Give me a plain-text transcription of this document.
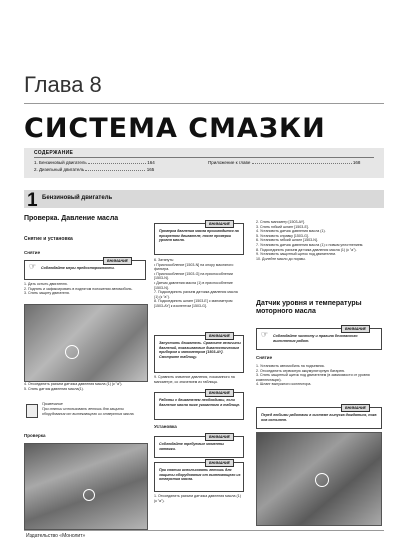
Глава 8
СИСТЕМА СМАЗКИ
СОДЕРЖАНИЕ
1. Бензиновый двигатель	164
2. Дизельный двигатель	165
Приложение к главе	168
1 Бензиновый двигатель
Проверка. Давление масла
Снятие и установка
Снятие
ВНИМАНИЕ
☞ Соблюдайте меры предосторожности.
1. Дать остыть двигателю.
2. Поднять и зафиксировать в поднятом положении автомобиль.
3. Снять защиту двигателя.
4. Отсоединить разъем датчика давления масла (1) (к "а").
5. Снять датчик давления масла(1).
Примечание
При снятии использовать ветошь для защиты оборудования от вытекающего из отверстия масла.
Проверка
ВНИМАНИЕ
Проверка давления масла производится на прогретом двигателе, после проверки уровня масла.
6. Затянуть:
• Приспособление [1503-N] на опору масляного фильтра.
• Приспособление [1503-G] на приспособлении [1503-N].
• Датчик давления масла (1) в приспособление [1503-N].
7. Подсоединить разъем датчика давления масла (1) (к "а").
8. Подсоединить шланг [1503-E] с манометром [1503-AY] к изолентом [1503-G].
ВНИМАНИЕ
Запустить двигатель. Сравните величины давлений, показываемые диагностическим прибором и манометром [1503-AY]. Смотрите таблицу.
9. Сравнить значение давления, показанного на манометре, со значением из таблицы.
ВНИМАНИЕ
Работы с двигателем необходимы, если давление масла ниже указанного в таблице.
Установка
ВНИМАНИЕ
Соблюдайте требуемые моменты затяжки.
ВНИМАНИЕ
При снятии использовать ветошь для защиты оборудования от вытекающего из отверстия масла.
1. Отсоединить разъем датчика давления масла (1) (к "а").
2. Снять манометр [1503-AY].
3. Снять гибкий шланг [1503-E].
4. Установить датчик давления масла (1).
5. Установить справку [1503-G].
6. Установить гибкий шланг [1503-N].
7. Установить датчик давления масла (1) с новым уплотнением.
8. Подсоединить разъем датчика давления масла (1) (к "а").
9. Установить защитный щиток под двигателем.
10. Долейте масло до нормы.
Датчик уровня и температуры моторного масла
ВНИМАНИЕ
☞ Соблюдайте чистоту и правила безопасного выполнения работ.
Снятие
1. Установить автомобиль на подъемник.
2. Отсоединить сервисную аккумуляторную батарею.
3. Снять защитный щиток под двигателем (в зависимости от уровня комплектации).
4. Шланг выпускного коллектора.
ВНИМАНИЕ
Перед любыми работами в системе выпуска дождаться, пока она остынет.
Издательство «Монолит»
